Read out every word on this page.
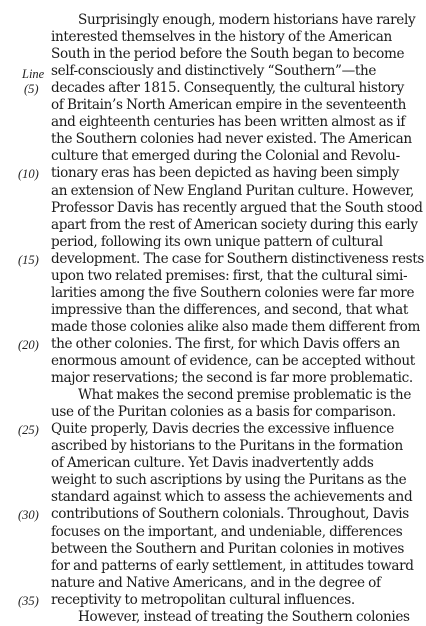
Line
(5)
(10)
(15)
(20)
(25)
(30)
(35)
Surprisingly enough, modern historians have rarely
interested themselves in the history of the American
South in the period before the South began to become
self-consciously and distinctively “Southern”—the
decades after 1815. Consequently, the cultural history
of Britain’s North American empire in the seventeenth
and eighteenth centuries has been written almost as if
the Southern colonies had never existed. The American
culture that emerged during the Colonial and Revolu-
tionary eras has been depicted as having been simply
an extension of New England Puritan culture. However,
Professor Davis has recently argued that the South stood
apart from the rest of American society during this early
period, following its own unique pattern of cultural
development. The case for Southern distinctiveness rests
upon two related premises: first, that the cultural simi-
larities among the five Southern colonies were far more
impressive than the differences, and second, that what
made those colonies alike also made them different from
the other colonies. The first, for which Davis offers an
enormous amount of evidence, can be accepted without
major reservations; the second is far more problematic.
What makes the second premise problematic is the
use of the Puritan colonies as a basis for comparison.
Quite properly, Davis decries the excessive influence
ascribed by historians to the Puritans in the formation
of American culture. Yet Davis inadvertently adds
weight to such ascriptions by using the Puritans as the
standard against which to assess the achievements and
contributions of Southern colonials. Throughout, Davis
focuses on the important, and undeniable, differences
between the Southern and Puritan colonies in motives
for and patterns of early settlement, in attitudes toward
nature and Native Americans, and in the degree of
receptivity to metropolitan cultural influences.
However, instead of treating the Southern colonies
